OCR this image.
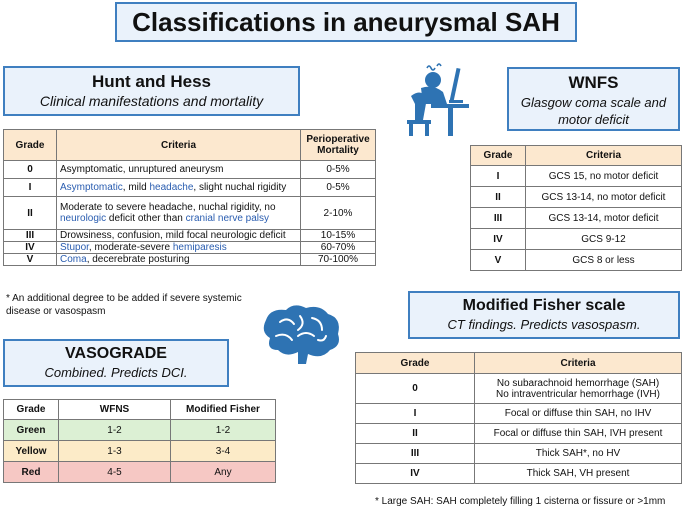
Classifications in aneurysmal SAH
Hunt and Hess
Clinical manifestations and mortality
Grade	Criteria	Perioperative Mortality
0	Asymptomatic, unruptured aneurysm	0-5%
I	Asymptomatic, mild headache, slight nuchal rigidity	0-5%
II	Moderate to severe headache, nuchal rigidity, no neurologic deficit other than cranial nerve palsy	2-10%
III	Drowsiness, confusion, mild focal neurologic deficit	10-15%
IV	Stupor, moderate-severe hemiparesis	60-70%
V	Coma, decerebrate posturing	70-100%
* An additional degree to be added if severe systemic disease or vasospasm
WNFS
Glasgow coma scale and motor deficit
Grade	Criteria
I	GCS 15, no motor deficit
II	GCS 13-14, no motor deficit
III	GCS 13-14, motor deficit
IV	GCS 9-12
V	GCS 8 or less
Modified Fisher scale
CT findings. Predicts vasospasm.
Grade	Criteria
0	No subarachnoid hemorrhage (SAH)
No intraventricular hemorrhage (IVH)

I	Focal or diffuse thin SAH, no IHV

II	Focal or diffuse thin SAH, IVH present

III	Thick SAH*, no HV

IV	Thick SAH, VH present
* Large SAH: SAH completely filling 1 cisterna or fissure or >1mm
VASOGRADE
Combined. Predicts DCI.
Grade	WFNS	Modified Fisher
Green	1-2	1-2
Yellow	1-3	3-4
Red	4-5	Any
